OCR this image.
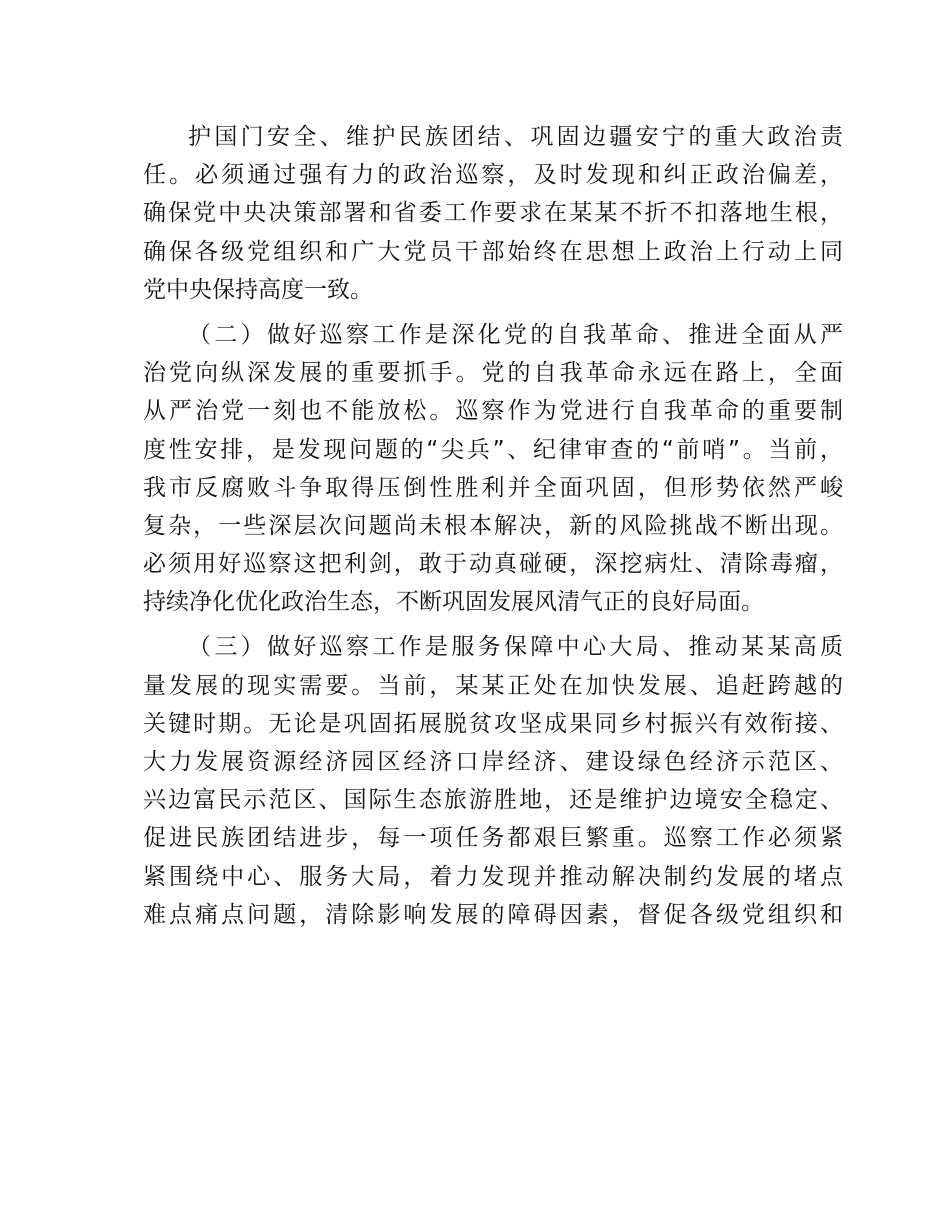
护国门安全、维护民族团结、巩固边疆安宁的重大政治责
任。必须通过强有力的政治巡察，及时发现和纠正政治偏差，
确保党中央决策部署和省委工作要求在某某不折不扣落地生根，
确保各级党组织和广大党员干部始终在思想上政治上行动上同
党中央保持高度一致。
（二）做好巡察工作是深化党的自我革命、推进全面从严
治党向纵深发展的重要抓手。党的自我革命永远在路上，全面
从严治党一刻也不能放松。巡察作为党进行自我革命的重要制
度性安排，是发现问题的“尖兵”、纪律审查的“前哨”。当前，
我市反腐败斗争取得压倒性胜利并全面巩固，但形势依然严峻
复杂，一些深层次问题尚未根本解决，新的风险挑战不断出现。
必须用好巡察这把利剑，敢于动真碰硬，深挖病灶、清除毒瘤，
持续净化优化政治生态，不断巩固发展风清气正的良好局面。
（三）做好巡察工作是服务保障中心大局、推动某某高质
量发展的现实需要。当前，某某正处在加快发展、追赶跨越的
关键时期。无论是巩固拓展脱贫攻坚成果同乡村振兴有效衔接、
大力发展资源经济园区经济口岸经济、建设绿色经济示范区、
兴边富民示范区、国际生态旅游胜地，还是维护边境安全稳定、
促进民族团结进步，每一项任务都艰巨繁重。巡察工作必须紧
紧围绕中心、服务大局，着力发现并推动解决制约发展的堵点
难点痛点问题，清除影响发展的障碍因素，督促各级党组织和
